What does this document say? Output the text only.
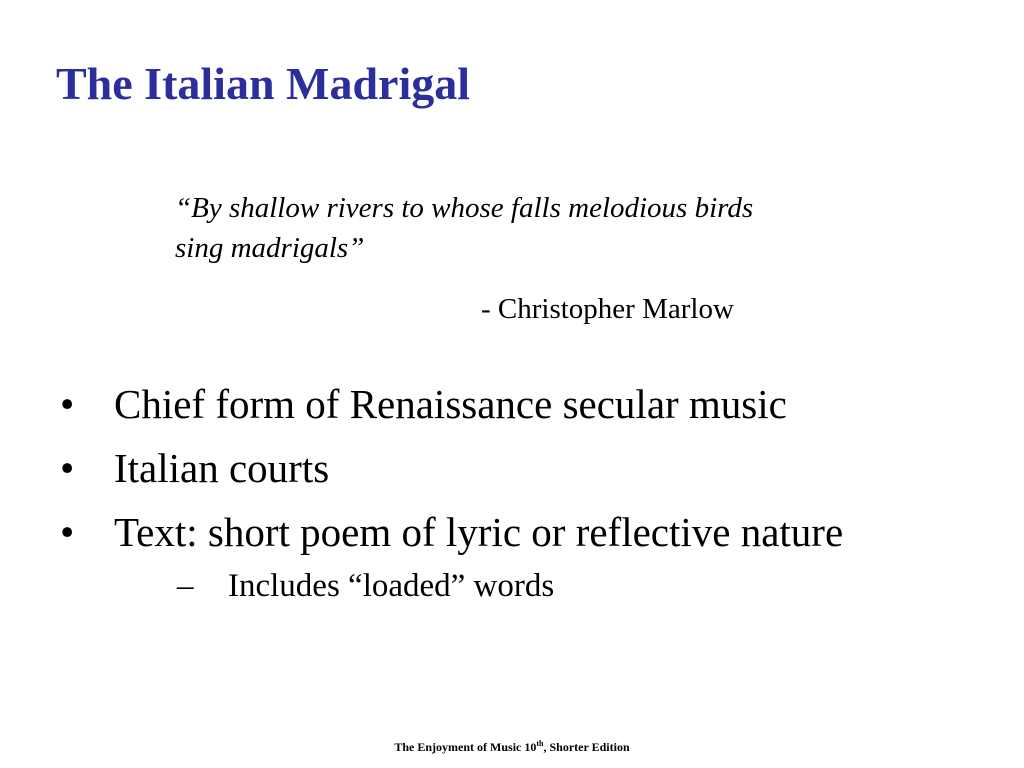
The Italian Madrigal

“By shallow rivers to whose falls melodious birds
sing madrigals”

- Christopher Marlow

• Chief form of Renaissance secular music
• Italian courts
• Text: short poem of lyric or reflective nature
– Includes “loaded” words
The Enjoyment of Music 10th, Shorter Edition
